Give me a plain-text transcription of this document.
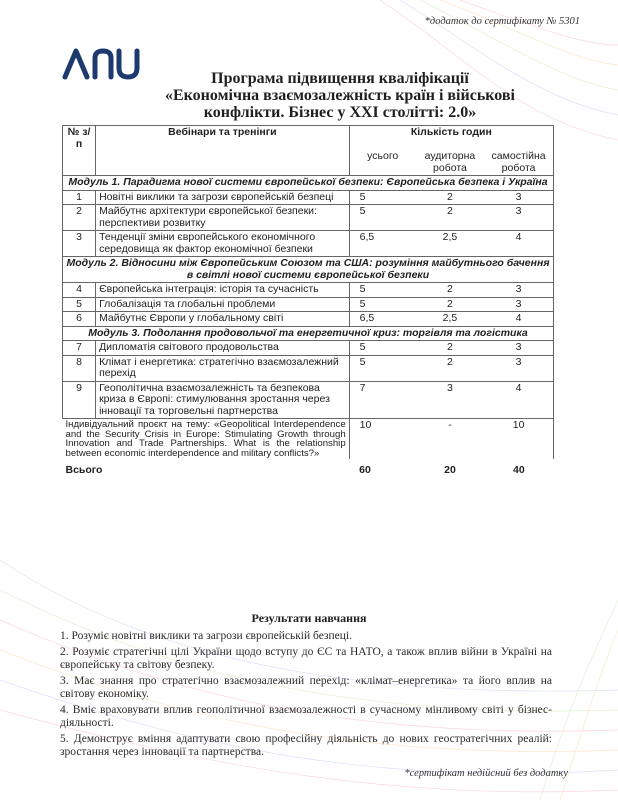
*додаток до сертифікату № 5301
Програма підвищення кваліфікації
«Економічна взаємозалежність країн і військові
конфлікти. Бізнес у XXI столітті: 2.0»
№ з/п	Вебінари та тренінги	Кількість годин		
		усього	аудиторна робота	самостійна робота
Модуль 1. Парадигма нової системи європейської безпеки: Європейська безпека і Україна				
1	Новітні виклики та загрози європейській безпеці	5	2	3
2	Майбутнє архітектури європейської безпеки: перспективи розвитку	5	2	3
3	Тенденції зміни європейського економічного середовища як фактор економічної безпеки	6,5	2,5	4
Модуль 2. Відносини між Європейським Союзом та США: розуміння майбутнього бачення в світлі нової системи європейської безпеки				
4	Європейська інтеграція: історія та сучасність	5	2	3
5	Глобалізація та глобальні проблеми	5	2	3
6	Майбутнє Європи у глобальному світі	6,5	2,5	4
Модуль 3. Подолання продовольчої та енергетичної криз: торгівля та логістика				
7	Дипломатія світового продовольства	5	2	3
8	Клімат і енергетика: стратегічно взаємозалежний перехід	5	2	3
9	Геополітична взаємозалежність та безпекова криза в Європі: стимулювання зростання через інновації та торговельні партнерства	7	3	4
Індивідуальний проєкт на тему: «Geopolitical Interdependence and the Security Crisis in Europe: Stimulating Growth through Innovation and Trade Partnerships. What is the relationship between economic interdependence and military conflicts?»		10	-	10
Всього		60	20	40
Результати навчання
1. Розуміє новітні виклики та загрози європейській безпеці.
2. Розуміє стратегічні цілі України щодо вступу до ЄС та НАТО, а також вплив війни в Україні на європейську та світову безпеку.
3. Має знання про стратегічно взаємозалежний перехід: «клімат–енергетика» та його вплив на світову економіку.
4. Вміє враховувати вплив геополітичної взаємозалежності в сучасному мінливому світі у бізнес-діяльності.
5. Демонструє вміння адаптувати свою професійну діяльність до нових геостратегічних реалій: зростання через інновації та партнерства.
*сертифікат недійсний без додатку
